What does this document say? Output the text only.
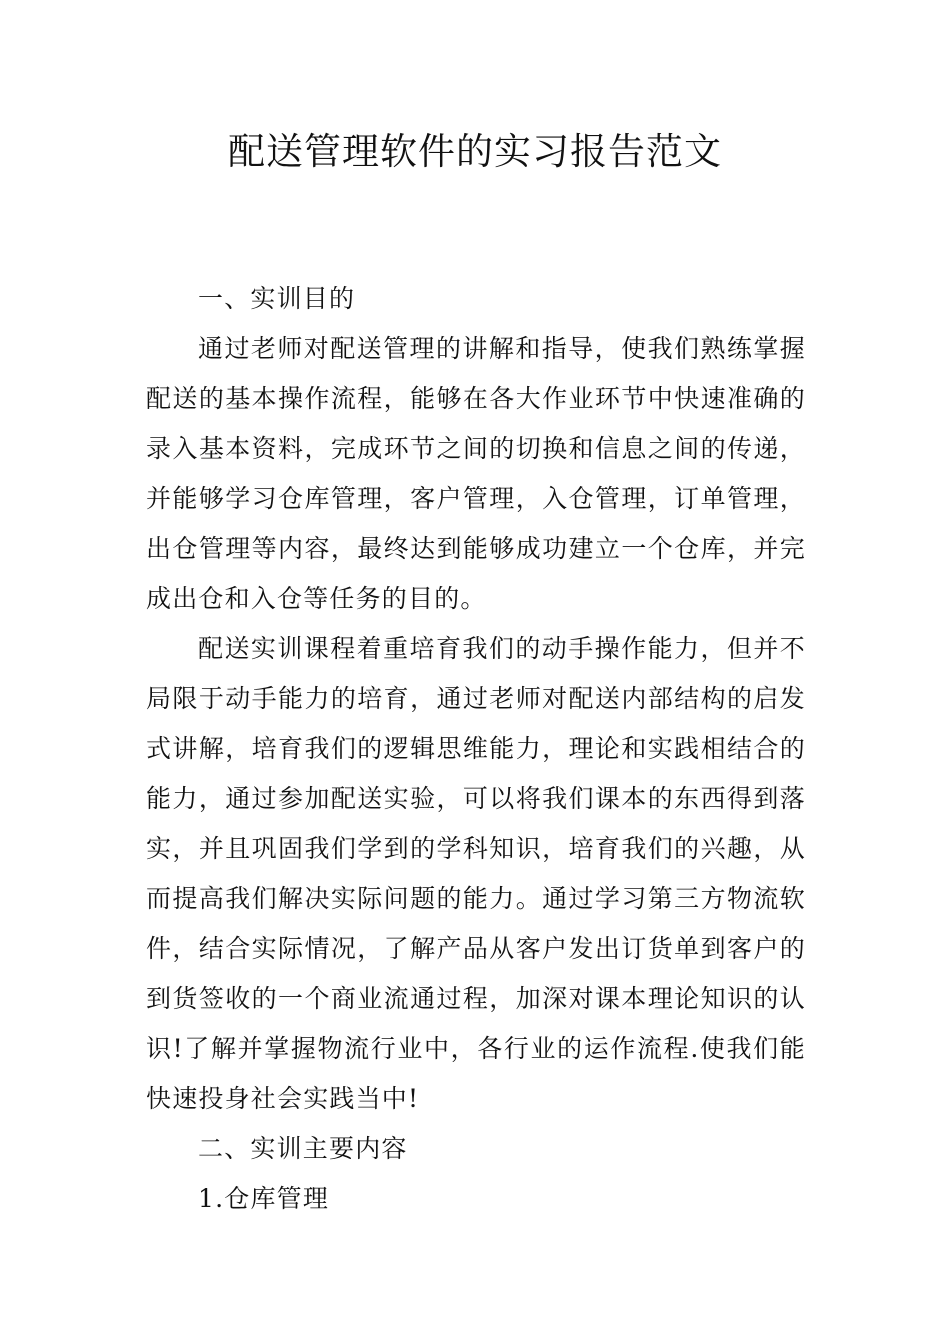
配送管理软件的实习报告范文

一、实训目的

通过老师对配送管理的讲解和指导，使我们熟练掌握配送的基本操作流程，能够在各大作业环节中快速准确的录入基本资料，完成环节之间的切换和信息之间的传递，并能够学习仓库管理，客户管理，入仓管理，订单管理，出仓管理等内容，最终达到能够成功建立一个仓库，并完成出仓和入仓等任务的目的。

配送实训课程着重培育我们的动手操作能力，但并不局限于动手能力的培育，通过老师对配送内部结构的启发式讲解，培育我们的逻辑思维能力，理论和实践相结合的能力，通过参加配送实验，可以将我们课本的东西得到落实，并且巩固我们学到的学科知识，培育我们的兴趣，从而提高我们解决实际问题的能力。通过学习第三方物流软件，结合实际情况，了解产品从客户发出订货单到客户的到货签收的一个商业流通过程，加深对课本理论知识的认识!了解并掌握物流行业中，各行业的运作流程.使我们能快速投身社会实践当中!

二、实训主要内容

1.仓库管理
